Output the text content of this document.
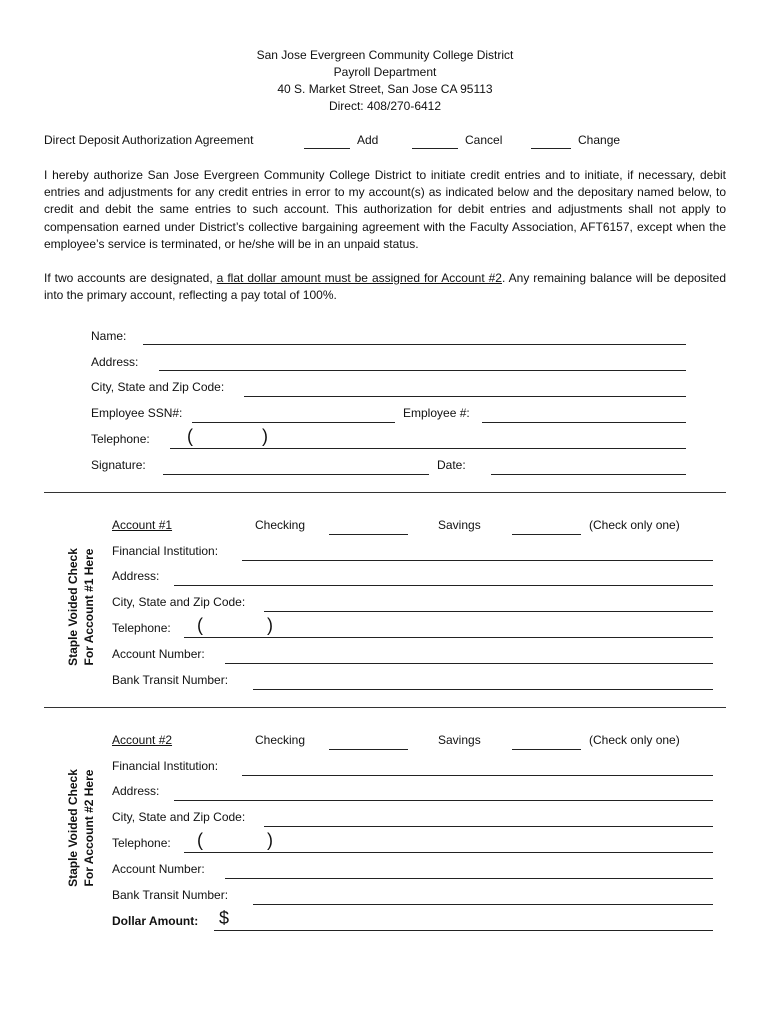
San Jose Evergreen Community College District
Payroll Department
40 S. Market Street, San Jose CA 95113
Direct: 408/270-6412
Direct Deposit Authorization Agreement	Add	Cancel	Change
I hereby authorize San Jose Evergreen Community College District to initiate credit entries and to initiate, if necessary, debit entries and adjustments for any credit entries in error to my account(s) as indicated below and the depositary named below, to credit and debit the same entries to such account. This authorization for debit entries and adjustments shall not apply to compensation earned under District’s collective bargaining agreement with the Faculty Association, AFT6157, except when the employee’s service is terminated, or he/she will be in an unpaid status.
If two accounts are designated, a flat dollar amount must be assigned for Account #2. Any remaining balance will be deposited into the primary account, reflecting a pay total of 100%.
Name:
Address:
City, State and Zip Code:
Employee SSN#:	Employee #:
Telephone: (	)
Signature:	Date:
Staple Voided Check For Account #1 Here
Account #1	Checking	Savings	(Check only one)
Financial Institution:
Address:
City, State and Zip Code:
Telephone: (	)
Account Number:
Bank Transit Number:
Staple Voided Check For Account #2 Here
Account #2	Checking	Savings	(Check only one)
Financial Institution:
Address:
City, State and Zip Code:
Telephone: (	)
Account Number:
Bank Transit Number:
Dollar Amount: $
